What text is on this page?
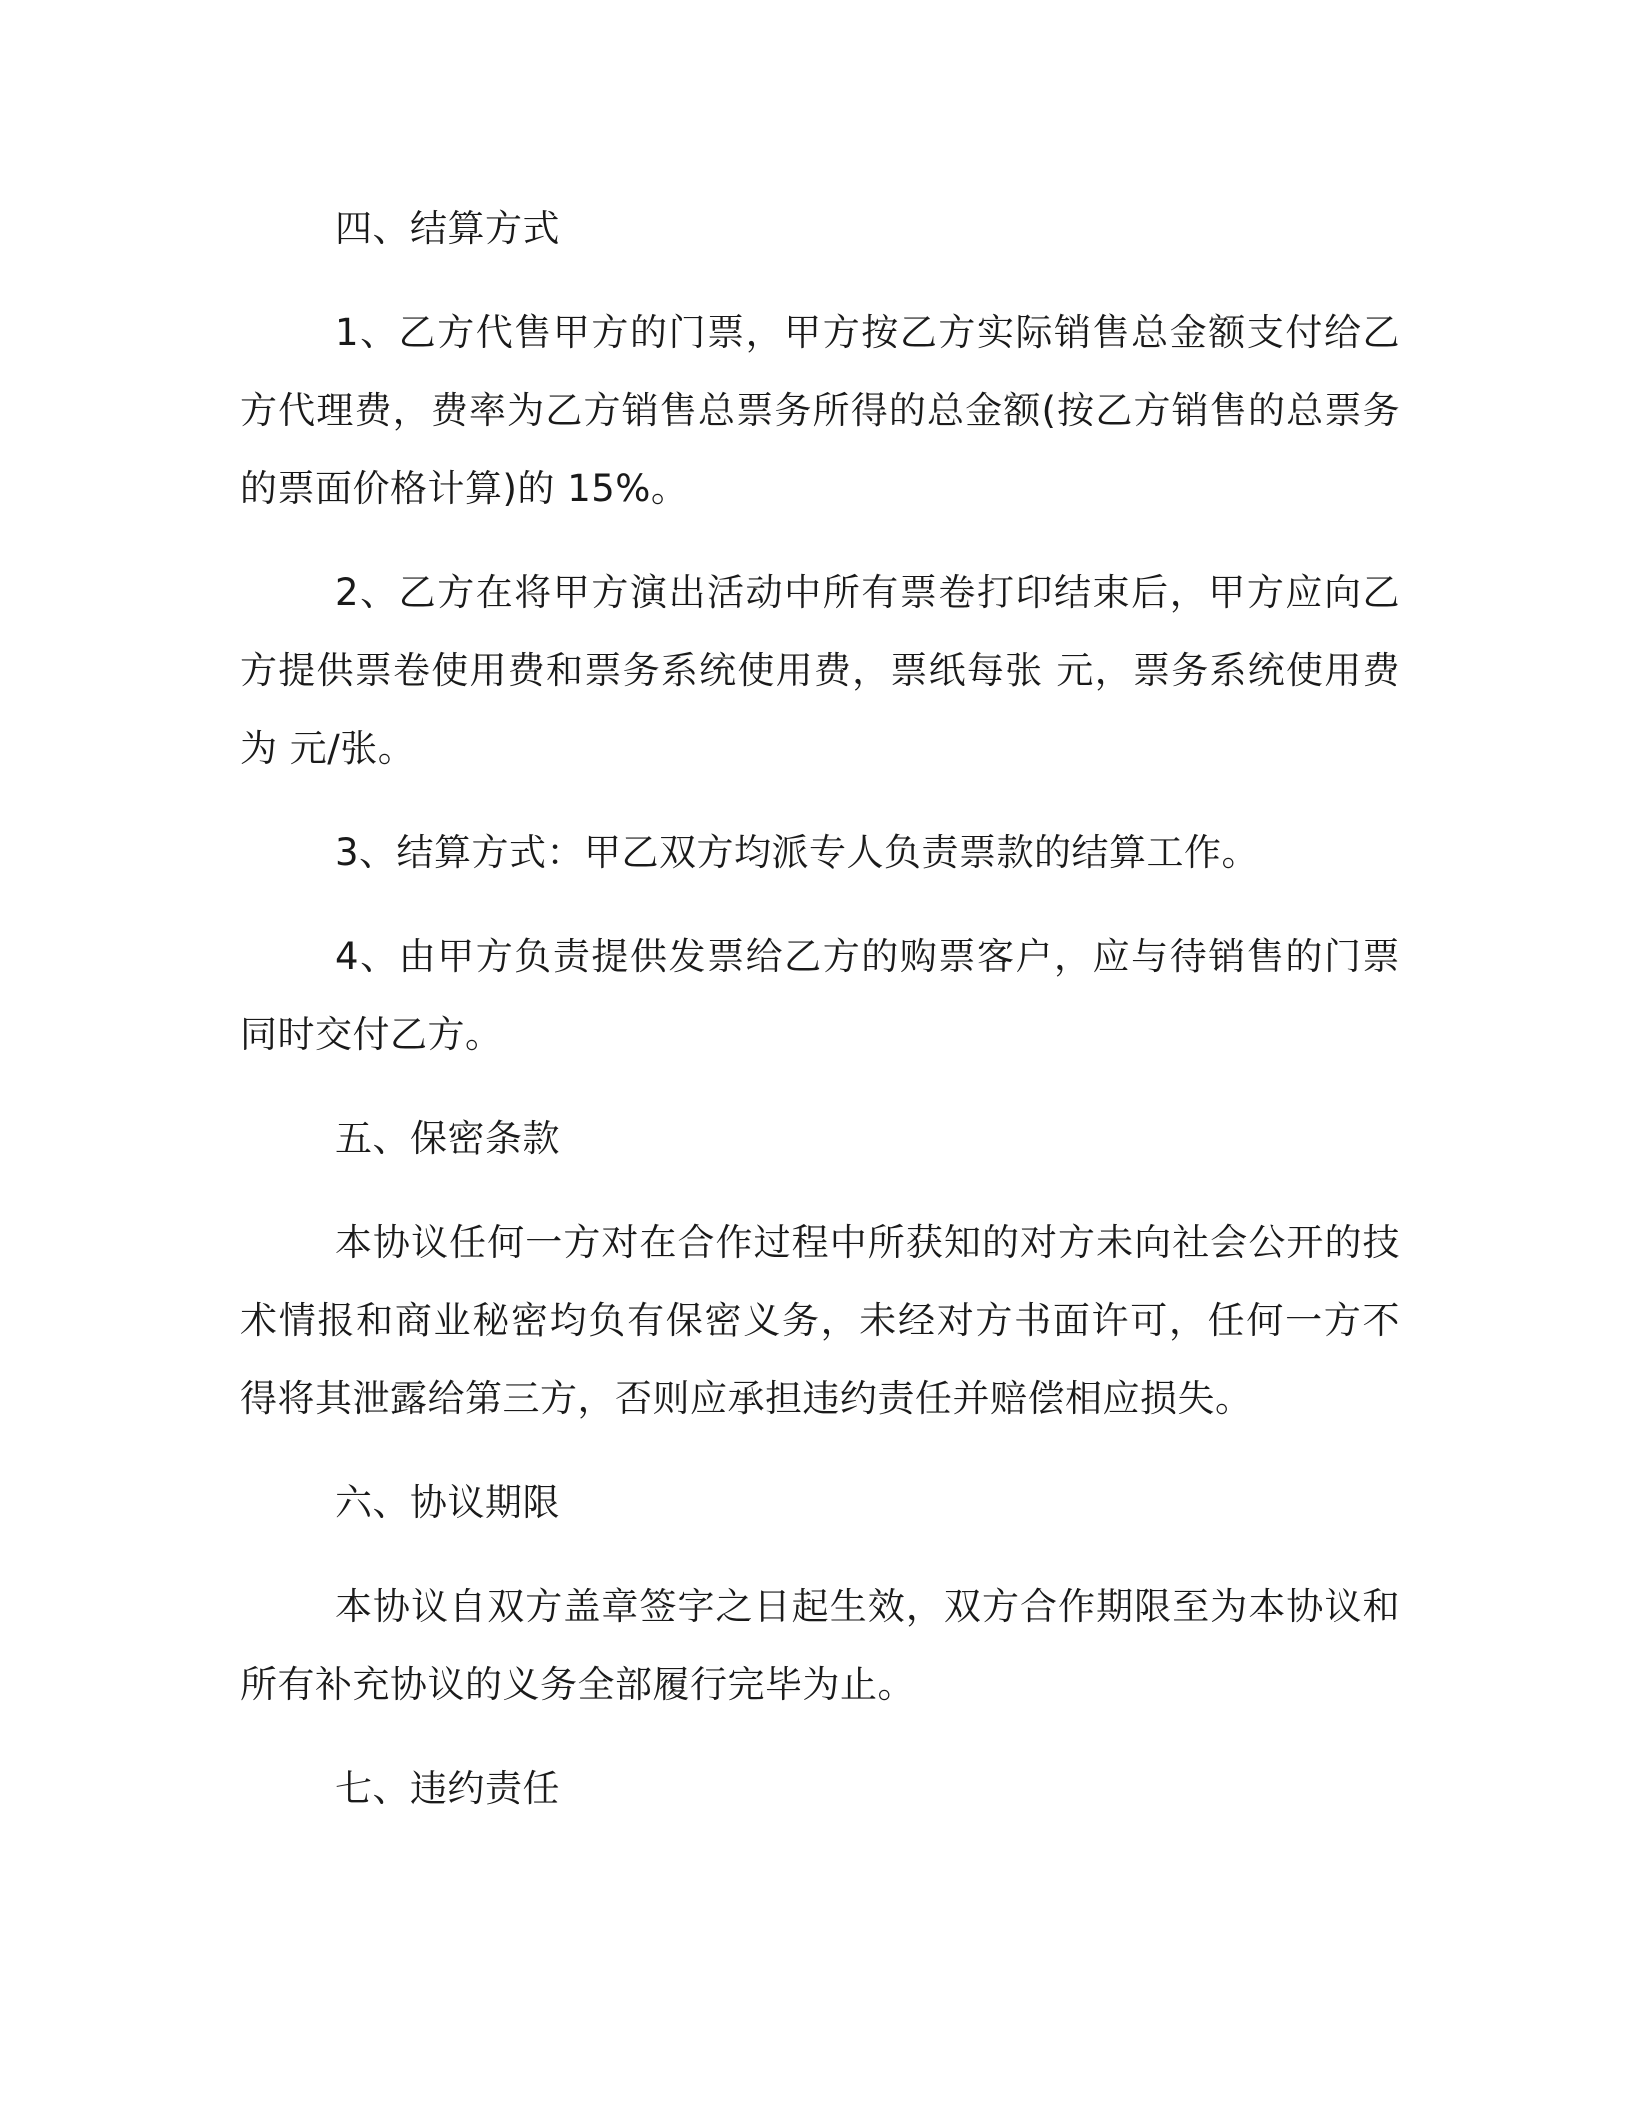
四、结算方式
1、乙方代售甲方的门票，甲方按乙方实际销售总金额支付给乙方代理费，费率为乙方销售总票务所得的总金额(按乙方销售的总票务的票面价格计算)的 15%。
2、乙方在将甲方演出活动中所有票卷打印结束后，甲方应向乙方提供票卷使用费和票务系统使用费，票纸每张 元，票务系统使用费为 元/张。
3、结算方式：甲乙双方均派专人负责票款的结算工作。
4、由甲方负责提供发票给乙方的购票客户，应与待销售的门票同时交付乙方。
五、保密条款
本协议任何一方对在合作过程中所获知的对方未向社会公开的技术情报和商业秘密均负有保密义务，未经对方书面许可，任何一方不得将其泄露给第三方，否则应承担违约责任并赔偿相应损失。
六、协议期限
本协议自双方盖章签字之日起生效，双方合作期限至为本协议和所有补充协议的义务全部履行完毕为止。
七、违约责任
